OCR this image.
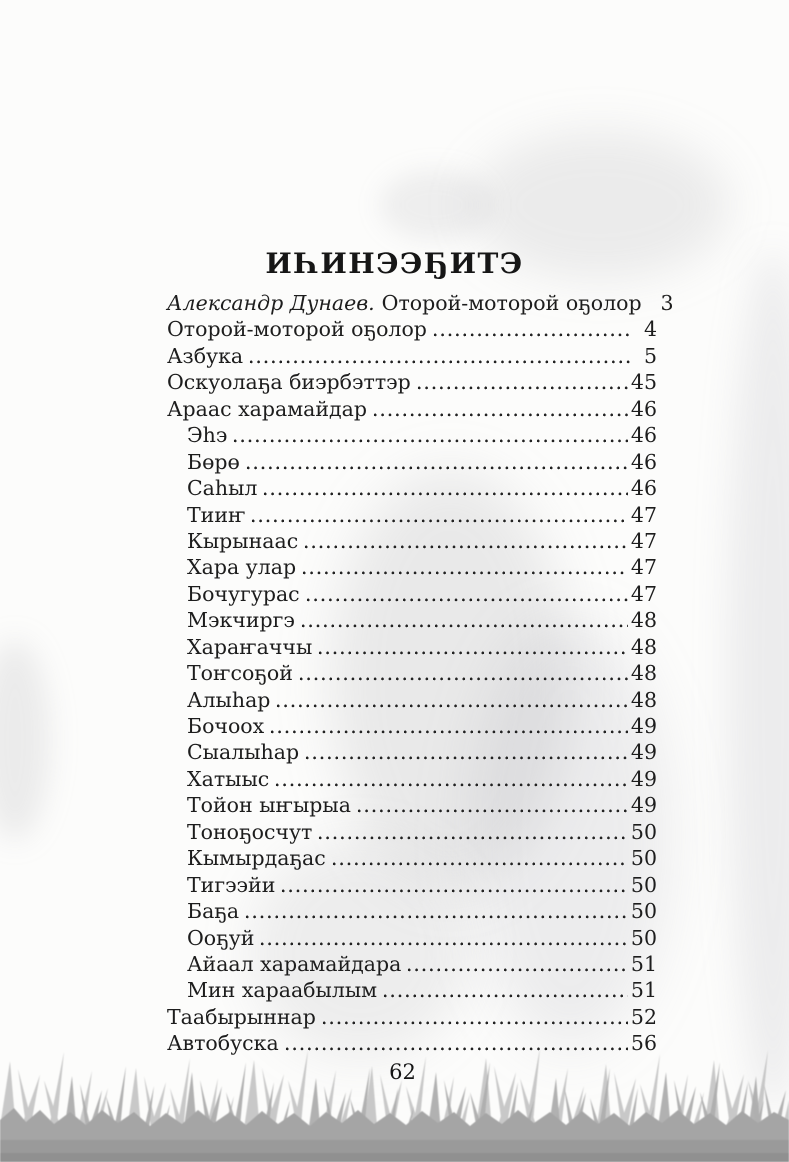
ИҺИНЭЭҔИТЭ
Александр Дунаев. Оторой-моторой оҕолор 3
Оторой-моторой оҕолор	4
Азбука	5
Оскуолаҕа биэрбэттэр	45
Араас харамайдар	46
Эһэ	46
Бөрө	46
Саһыл	46
Тииҥ	47
Кырынаас	47
Хара улар	47
Бочугурас	47
Мэкчиргэ	48
Хараҥаччы	48
Тоҥсоҕой	48
Алыһар	48
Бочоох	49
Сыалыһар	49
Хатыыс	49
Тойон ыҥырыа	49
Тоноҕосчут	50
Кымырдаҕас	50
Тигээйи	50
Баҕа	50
Ооҕуй	50
Айаал харамайдара	51
Мин хараабылым	51
Таабырыннар	52
Автобуска	56
62
